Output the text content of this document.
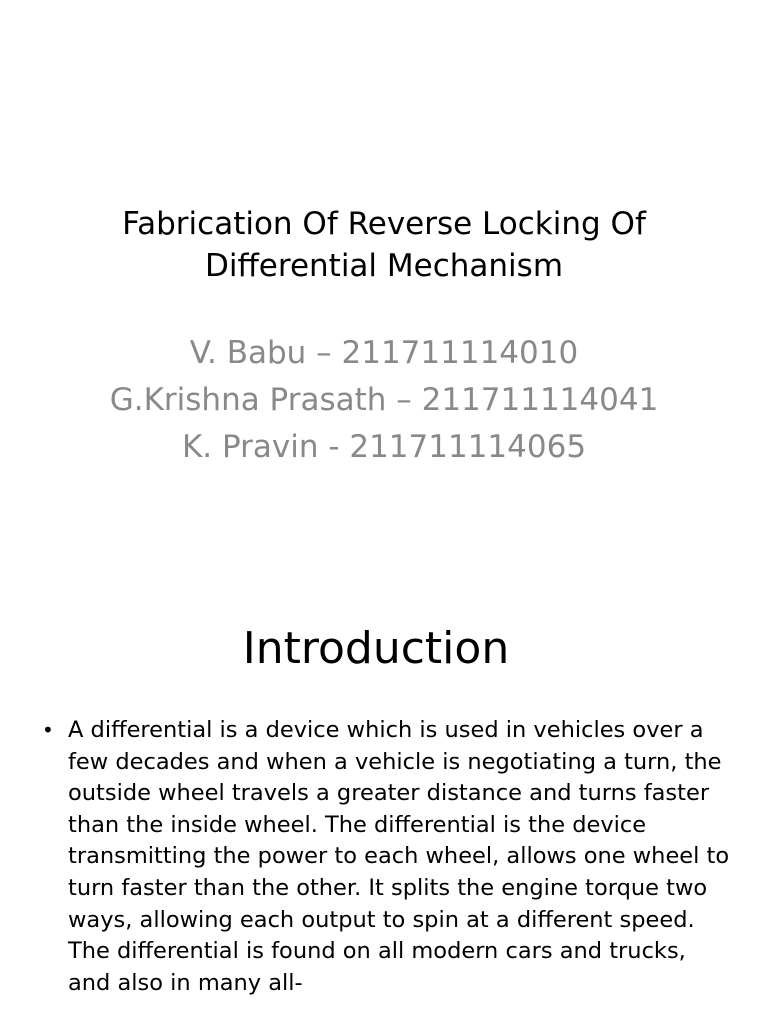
Fabrication Of Reverse Locking Of Differential Mechanism
V. Babu – 211711114010
G.Krishna Prasath – 211711114041
K. Pravin - 211711114065
Introduction
• A differential is a device which is used in vehicles over a few decades and when a vehicle is negotiating a turn, the outside wheel travels a greater distance and turns faster than the inside wheel. The differential is the device transmitting the power to each wheel, allows one wheel to turn faster than the other. It splits the engine torque two ways, allowing each output to spin at a different speed. The differential is found on all modern cars and trucks, and also in many all-
